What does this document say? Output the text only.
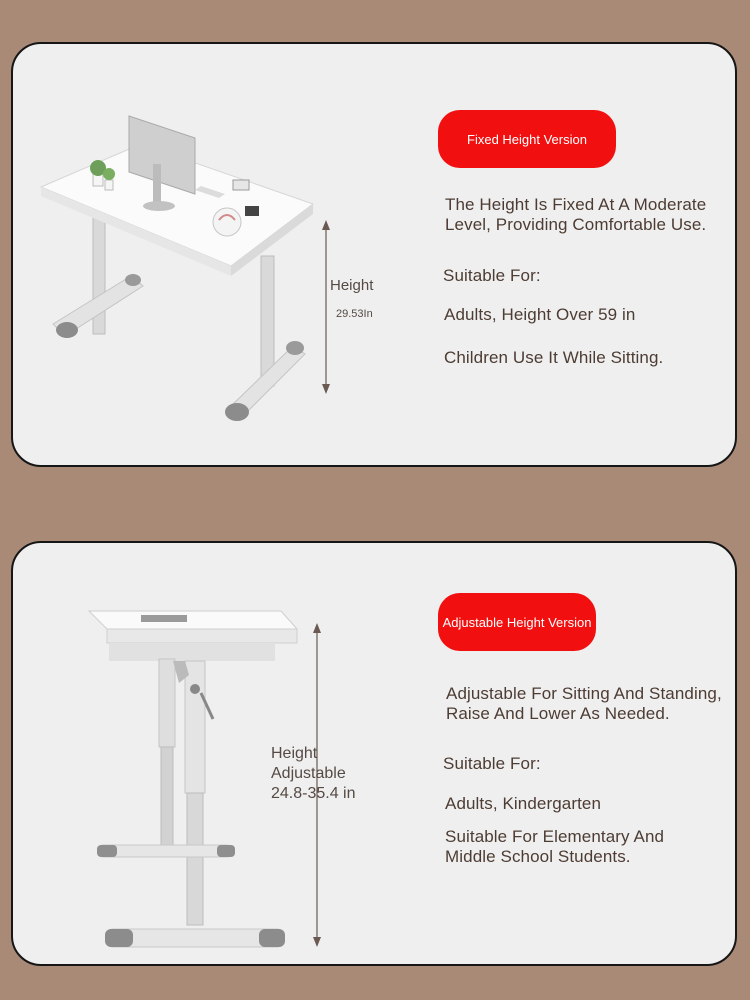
Height
29.53In
Fixed Height Version
The Height Is Fixed At A Moderate
Level, Providing Comfortable Use.
Suitable For:
Adults, Height Over 59 in
Children Use It While Sitting.
Height
Adjustable
24.8-35.4 in
Adjustable Height Version
Adjustable For Sitting And Standing,
Raise And Lower As Needed.
Suitable For:
Adults, Kindergarten
Suitable For Elementary And
Middle School Students.
